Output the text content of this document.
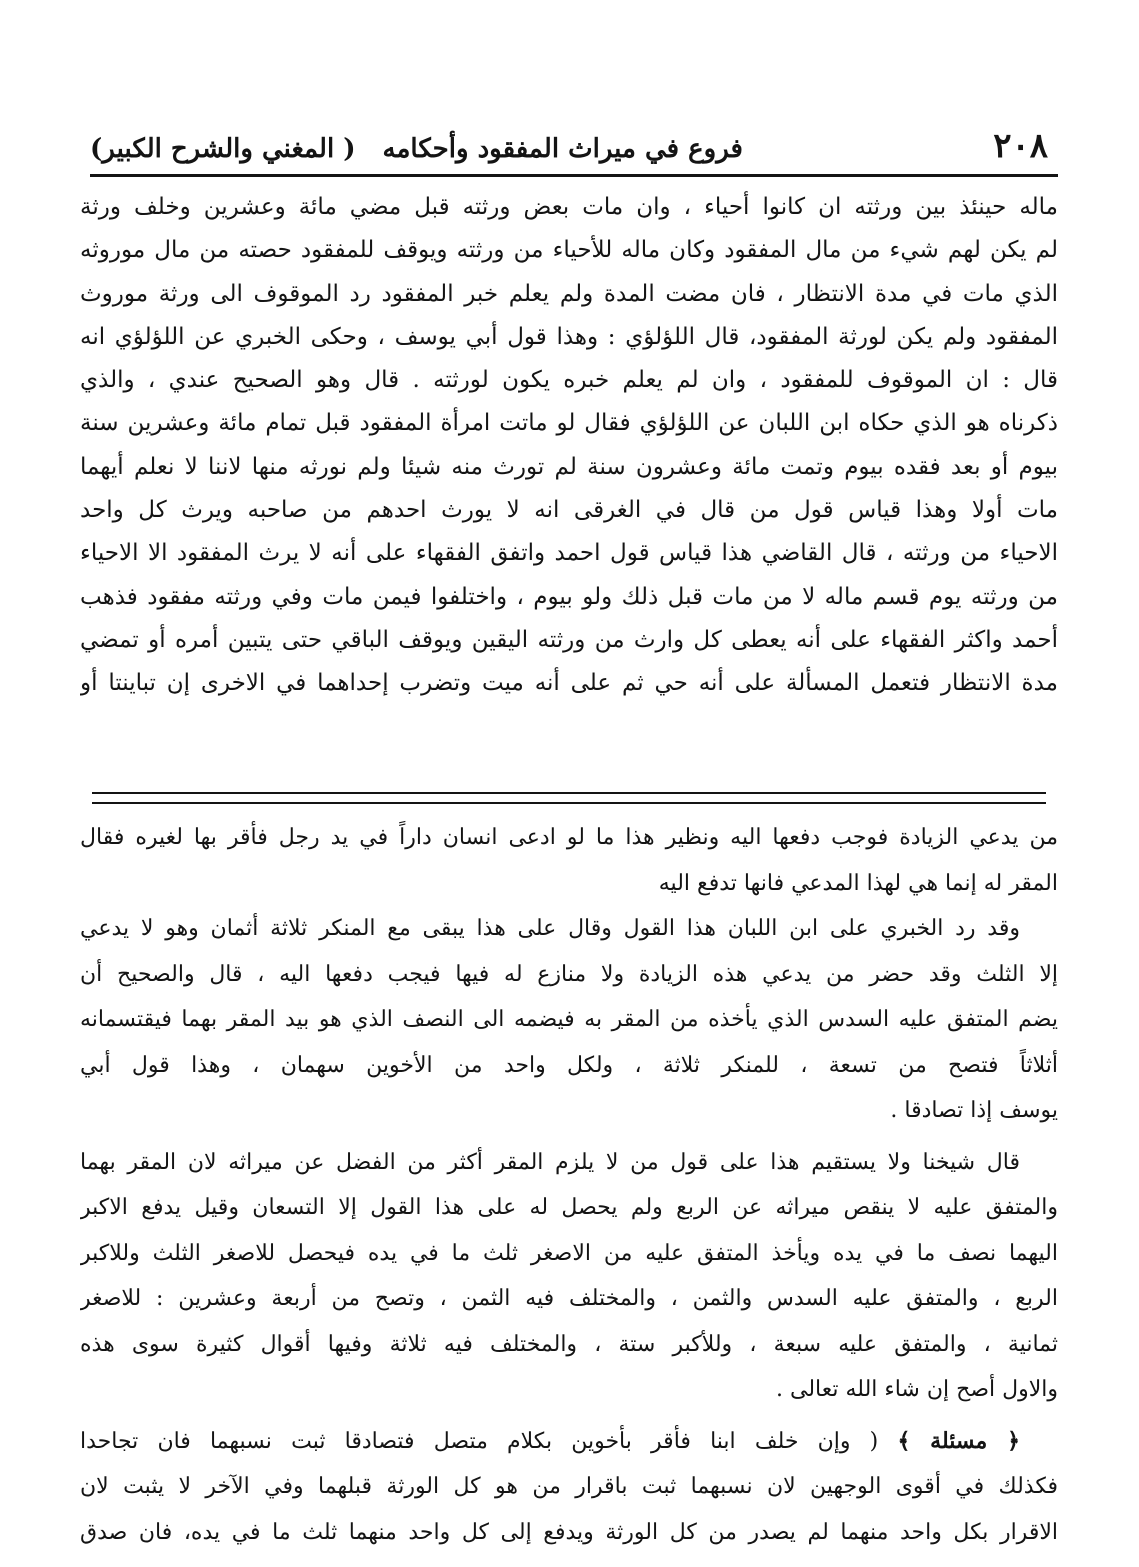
٢٠٨
فروع في ميراث المفقود وأحكامه
( المغني والشرح الكبير)
ماله حينئذ بين ورثته ان كانوا أحياء ، وان مات بعض ورثته قبل مضي مائة وعشرين وخلف ورثة
لم يكن لهم شيء من مال المفقود وكان ماله للأحياء من ورثته ويوقف للمفقود حصته من مال موروثه
الذي مات في مدة الانتظار ، فان مضت المدة ولم يعلم خبر المفقود رد الموقوف الى ورثة موروث
المفقود ولم يكن لورثة المفقود، قال اللؤلؤي : وهذا قول أبي يوسف ، وحكى الخبري عن اللؤلؤي انه
قال : ان الموقوف للمفقود ، وان لم يعلم خبره يكون لورثته . قال وهو الصحيح عندي ، والذي
ذكرناه هو الذي حكاه ابن اللبان عن اللؤلؤي فقال لو ماتت امرأة المفقود قبل تمام مائة وعشرين سنة
بيوم أو بعد فقده بيوم وتمت مائة وعشرون سنة لم تورث منه شيئا ولم نورثه منها لاننا لا نعلم أيهما
مات أولا وهذا قياس قول من قال في الغرقى انه لا يورث احدهم من صاحبه ويرث كل واحد
الاحياء من ورثته ، قال القاضي هذا قياس قول احمد واتفق الفقهاء على أنه لا يرث المفقود الا الاحياء
من ورثته يوم قسم ماله لا من مات قبل ذلك ولو بيوم ، واختلفوا فيمن مات وفي ورثته مفقود فذهب
أحمد واكثر الفقهاء على أنه يعطى كل وارث من ورثته اليقين ويوقف الباقي حتى يتبين أمره أو تمضي
مدة الانتظار فتعمل المسألة على أنه حي ثم على أنه ميت وتضرب إحداهما في الاخرى إن تباينتا أو

من يدعي الزيادة فوجب دفعها اليه ونظير هذا ما لو ادعى انسان داراً في يد رجل فأقر بها لغيره فقال
المقر له إنما هي لهذا المدعي فانها تدفع اليه

وقد رد الخبري على ابن اللبان هذا القول وقال على هذا يبقى مع المنكر ثلاثة أثمان وهو لا يدعي
إلا الثلث وقد حضر من يدعي هذه الزيادة ولا منازع له فيها فيجب دفعها اليه ، قال والصحيح أن
يضم المتفق عليه السدس الذي يأخذه من المقر به فيضمه الى النصف الذي هو بيد المقر بهما فيقتسمانه
أثلاثاً فتصح من تسعة ، للمنكر ثلاثة ، ولكل واحد من الأخوين سهمان ، وهذا قول أبي
يوسف إذا تصادقا .

قال شيخنا ولا يستقيم هذا على قول من لا يلزم المقر أكثر من الفضل عن ميراثه لان المقر بهما
والمتفق عليه لا ينقص ميراثه عن الربع ولم يحصل له على هذا القول إلا التسعان وقيل يدفع الاكبر
اليهما نصف ما في يده ويأخذ المتفق عليه من الاصغر ثلث ما في يده فيحصل للاصغر الثلث وللاكبر
الربع ، والمتفق عليه السدس والثمن ، والمختلف فيه الثمن ، وتصح من أربعة وعشرين : للاصغر
ثمانية ، والمتفق عليه سبعة ، وللأكبر ستة ، والمختلف فيه ثلاثة وفيها أقوال كثيرة سوى هذه
والاول أصح إن شاء الله تعالى .

﴿ مسئلة ﴾ ( وإن خلف ابنا فأقر بأخوين بكلام متصل فتصادقا ثبت نسبهما فان تجاحدا
فكذلك في أقوى الوجهين لان نسبهما ثبت باقرار من هو كل الورثة قبلهما وفي الآخر لا يثبت لان
الاقرار بكل واحد منهما لم يصدر من كل الورثة ويدفع إلى كل واحد منهما ثلث ما في يده، فان صدق
